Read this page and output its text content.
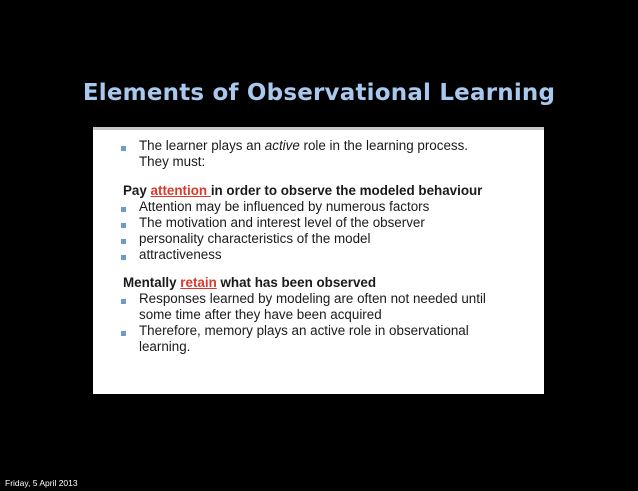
Elements of Observational Learning
The learner plays an active role in the learning process.
They must:
Pay attention in order to observe the modeled behaviour
Attention may be influenced by numerous factors
The motivation and interest level of the observer
personality characteristics of the model
attractiveness
Mentally retain what has been observed
Responses learned by modeling are often not needed until
some time after they have been acquired
Therefore, memory plays an active role in observational
learning.
Friday, 5 April 2013
